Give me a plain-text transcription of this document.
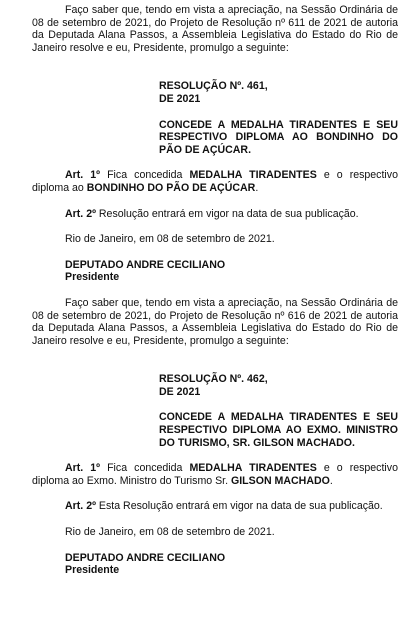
Faço saber que, tendo em vista a apreciação, na Sessão Ordinária de 08 de setembro de 2021, do Projeto de Resolução nº 611 de 2021 de autoria da Deputada Alana Passos, a Assembleia Legislativa do Estado do Rio de Janeiro resolve e eu, Presidente, promulgo a seguinte:

RESOLUÇÃO Nº. 461,
DE 2021

CONCEDE A MEDALHA TIRADENTES E SEU RESPECTIVO DIPLOMA AO BONDINHO DO PÃO DE AÇÚCAR.

Art. 1º Fica concedida MEDALHA TIRADENTES e o respectivo diploma ao BONDINHO DO PÃO DE AÇÚCAR.

Art. 2º Resolução entrará em vigor na data de sua publicação.

Rio de Janeiro, em 08 de setembro de 2021.

DEPUTADO ANDRE CECILIANO
Presidente

Faço saber que, tendo em vista a apreciação, na Sessão Ordinária de 08 de setembro de 2021, do Projeto de Resolução nº 616 de 2021 de autoria da Deputada Alana Passos, a Assembleia Legislativa do Estado do Rio de Janeiro resolve e eu, Presidente, promulgo a seguinte:

RESOLUÇÃO Nº. 462,
DE 2021

CONCEDE A MEDALHA TIRADENTES E SEU RESPECTIVO DIPLOMA AO EXMO. MINISTRO DO TURISMO, SR. GILSON MACHADO.

Art. 1º Fica concedida MEDALHA TIRADENTES e o respectivo diploma ao Exmo. Ministro do Turismo Sr. GILSON MACHADO.

Art. 2º Esta Resolução entrará em vigor na data de sua publicação.

Rio de Janeiro, em 08 de setembro de 2021.

DEPUTADO ANDRE CECILIANO
Presidente
